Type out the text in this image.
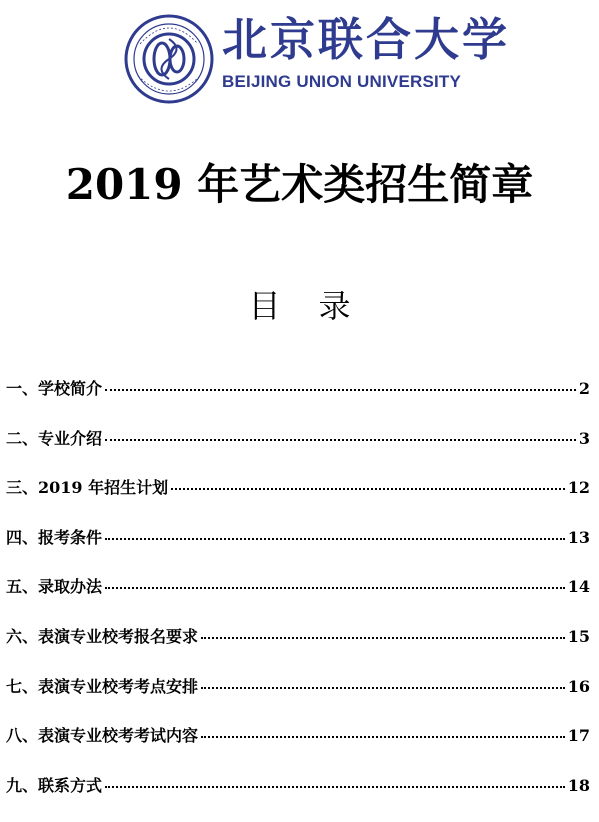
北京联合大学
BEIJING UNION UNIVERSITY
2019 年艺术类招生简章
目录
一、学校简介	2
二、专业介绍	3
三、2019 年招生计划	12
四、报考条件	13
五、录取办法	14
六、表演专业校考报名要求	15
七、表演专业校考考点安排	16
八、表演专业校考考试内容	17
九、联系方式	18
